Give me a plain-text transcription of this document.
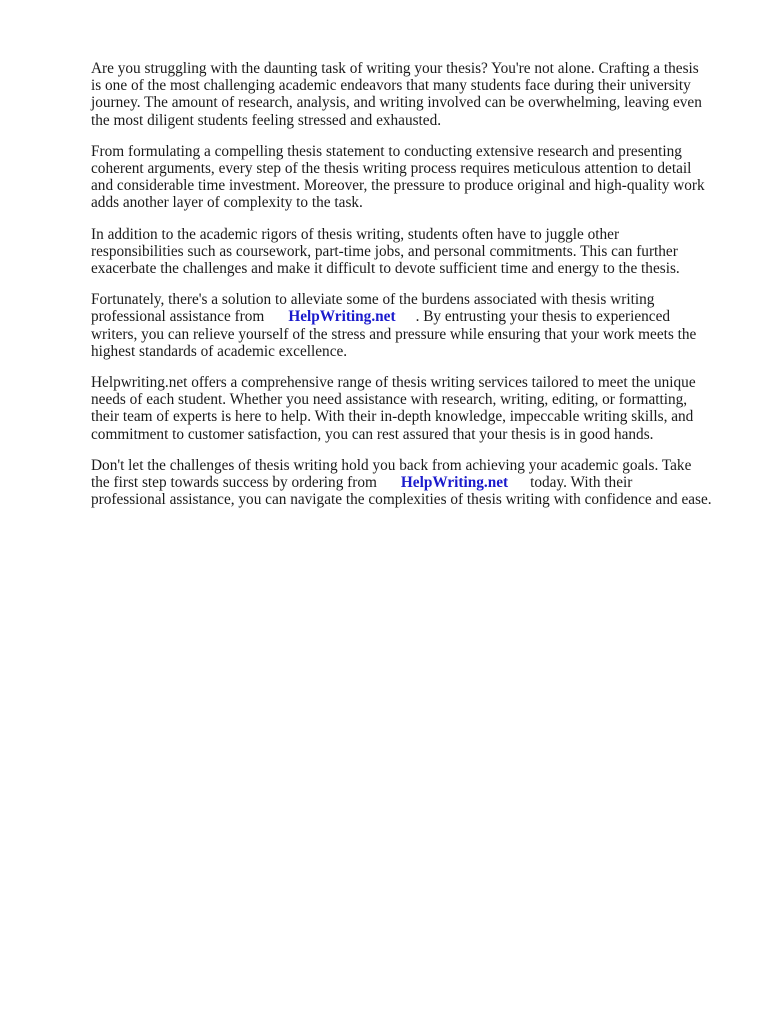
Are you struggling with the daunting task of writing your thesis? You're not alone. Crafting a thesis
is one of the most challenging academic endeavors that many students face during their university
journey. The amount of research, analysis, and writing involved can be overwhelming, leaving even
the most diligent students feeling stressed and exhausted.

From formulating a compelling thesis statement to conducting extensive research and presenting
coherent arguments, every step of the thesis writing process requires meticulous attention to detail
and considerable time investment. Moreover, the pressure to produce original and high-quality work
adds another layer of complexity to the task.

In addition to the academic rigors of thesis writing, students often have to juggle other
responsibilities such as coursework, part-time jobs, and personal commitments. This can further
exacerbate the challenges and make it difficult to devote sufficient time and energy to the thesis.

Fortunately, there's a solution to alleviate some of the burdens associated with thesis writing
professional assistance from HelpWriting.net . By entrusting your thesis to experienced
writers, you can relieve yourself of the stress and pressure while ensuring that your work meets the
highest standards of academic excellence.

Helpwriting.net offers a comprehensive range of thesis writing services tailored to meet the unique
needs of each student. Whether you need assistance with research, writing, editing, or formatting,
their team of experts is here to help. With their in-depth knowledge, impeccable writing skills, and
commitment to customer satisfaction, you can rest assured that your thesis is in good hands.

Don't let the challenges of thesis writing hold you back from achieving your academic goals. Take
the first step towards success by ordering from HelpWriting.net today. With their
professional assistance, you can navigate the complexities of thesis writing with confidence and ease.
